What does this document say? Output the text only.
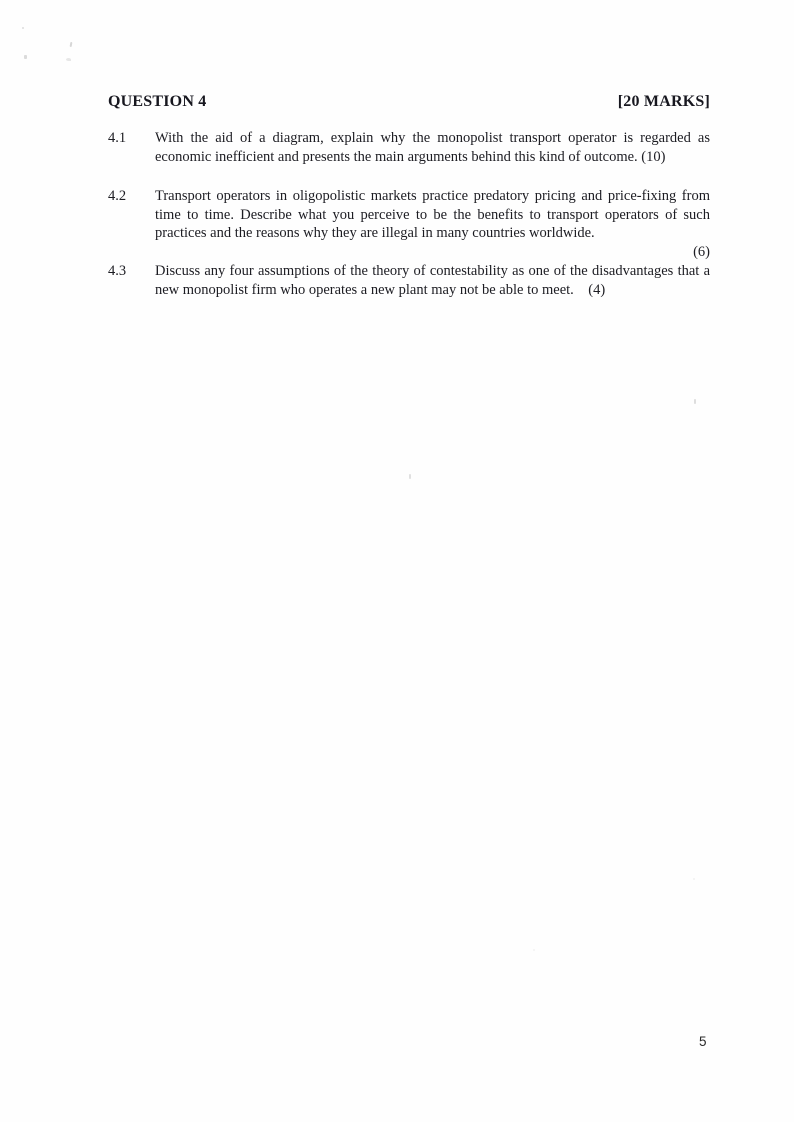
QUESTION 4	[20 MARKS]
4.1	With the aid of a diagram, explain why the monopolist transport operator is regarded as economic inefficient and presents the main arguments behind this kind of outcome. (10)

4.2	Transport operators in oligopolistic markets practice predatory pricing and price-fixing from time to time. Describe what you perceive to be the benefits to transport operators of such practices and the reasons why they are illegal in many countries worldwide.

(6)
4.3	Discuss any four assumptions of the theory of contestability as one of the disadvantages that a new monopolist firm who operates a new plant may not be able to meet.    (4)

5
